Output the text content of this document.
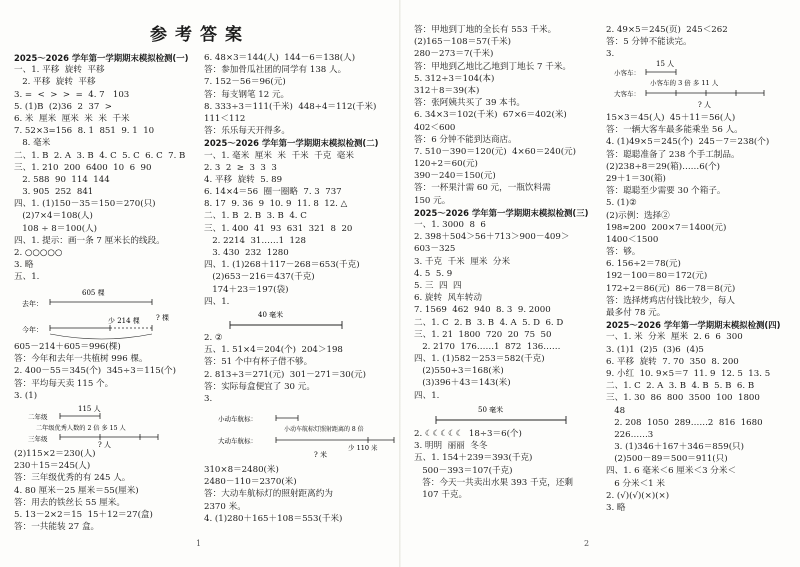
参考答案
2025～2026 学年第一学期期末模拟检测(一)
一、1. 平移  旋转  平移
2. 平移  旋转  平移
3. =  <  >  >  =  4. 7   103
5. (1)B  (2)36  2  37  >
6. 米  厘米  厘米  米  米  千米
7. 52×3=156  8. 1  851  9. 1  10
8. 毫米
二、1. B  2. A  3. B  4. C  5. C  6. C  7. B
三、1. 210  200  6400  10  6  90
2. 588  90  114  144
3. 905  252  841
四、1. (1)150－35＝150＝270(只)
(2)7×4＝108(人)
108 ÷ 8＝100(人)
四、1. 提示：画一条 7 厘米长的线段。
2. ○○○○○
3. 略
五、1.
去年：
今年：
605 棵
少 214 棵 ? 棵
605－214＋605＝996(棵)
答：今年和去年一共植树 996 棵。
2. 400－55＝345(个)  345÷3＝115(个)
答：平均每天卖 115 个。
3. (1)
115 人
二年级
二年级优秀人数的 2 倍 多 15 人
三年级
? 人
(2)115×2＝230(人)
230＋15＝245(人)
答：三年级优秀的有 245 人。
4. 80 厘米－25 厘米＝55(厘米)
答：用去的铁丝长 55 厘米。
5. 13－2×2＝15  15＋12＝27(盒)
答：一共能装 27 盒。
6. 48×3＝144(人)  144－6＝138(人)
答：参加骨瓜社团的同学有 138 人。
7. 152－56＝96(元)
答：每支钢笔 12 元。
8. 333÷3＝111(千米)  448÷4＝112(千米)
111＜112
答：乐乐每天开得多。
2025～2026 学年第一学期期末模拟检测(二)
一、1. 毫米  厘米  米  千米  千克  毫米
2. 3  2  ≥  3  3  3
4. 平移  旋转  5. 89
6. 14×4＝56  圈一圈略  7. 3  737
8. 17  9. 36  9  10. 9  11. 8  12. △
二、1. B  2. B  3. B  4. C
三、1. 400  41  93  631  321  8  20
2. 2214  31……1  128
3. 430  232  1280
四、1. (1)268＋117－268＝653(千克)
(2)653－216＝437(千克)
174＋23＝197(袋)
四、1.
40 毫米
2. ②
五、1. 51×4＝204(个)  204＞198
答：51 个中有杯子借不够。
2. 813÷3＝271(元)  301－271＝30(元)
答：实际每盒便宜了 30 元。
3.
小动车航标：
小动车航标灯照射距离的 8 倍
大动车航标：
少 110 米
? 米
310×8＝2480(米)
2480－110＝2370(米)
答：大动车航标灯的照射距离约为
2370 米。
4. (1)280＋165＋108＝553(千米)
1
答：甲地到丁地的全长有 553 千米。
(2)165－108＝57(千米)
280－273＝7(千米)
答：甲地到乙地比乙地到丁地长 7 千米。
5. 312÷3＝104(本)
312＋8＝39(本)
答：张阿姨共买了 39 本书。
6. 34×3＝102(千米)  67×6＝402(米)
402＜600
答：6 分钟不能到达商店。
7. 510－390＝120(元)  4×60＝240(元)
120÷2＝60(元)
390－240＝150(元)
答：一杯果汁需 60 元，一瓶饮料需
150 元。
2025～2026 学年第一学期期末模拟检测(三)
一、1. 3000  8  6
2. 398＋504＞56＋713＞900－409＞
603－325
3. 千克  千米  厘米  分米
4. 5  5. 9
5. 三  四  四
6. 旋转  风车转动
7. 1569  462  940  8. 3  9. 2000
二、1. C  2. B  3. B  4. A  5. D  6. D
三、1. 21  1800  720  20  75  50
2. 2170  176……1  872  136……
四、1. (1)582－253＝582(千克)
(2)550÷3＝168(米)
(3)396＋43＝143(米)
四、1.
50 毫米
2. ☾☾☾☾☾  18÷3＝6(个)
3. 明明  丽丽  冬冬
五、1. 154＋239＝393(千克)
500－393＝107(千克)
答：今天一共卖出水果 393 千克，还剩
107 千克。
2. 49×5＝245(页)  245＜262
答：5 分钟不能读完。
3.
15 人
小客车：
小客车的 3 倍 多 11 人
大客车：
? 人
15×3＝45(人)  45＋11＝56(人)
答：一辆大客车最多能乘坐 56 人。
4. (1)49×5＝245(个)  245－7＝238(个)
答：聪聪准备了 238 个手工制品。
(2)238÷8＝29(箱)……6(个)
29＋1＝30(箱)
答：聪聪至少需要 30 个箱子。
5. (1)②
(2)示例：选择②
198≈200  200×7＝1400(元)
1400＜1500
答：够。
6. 156÷2＝78(元)
192－100＝80＝172(元)
172÷2＝86(元)  86－78＝8(元)
答：选择烤鸡店付钱比较少，每人
最多付 78 元。
2025～2026 学年第一学期期末模拟检测(四)
一、1. 米  分米  厘米  2. 6  6  300
3. (1)1  (2)5  (3)6  (4)5
6. 平移  旋转  7. 70  350  8. 200
9. 小红  10. 9×5＝7  11. 9  12. 5  13. 5
二、1. C  2. A  3. B  4. B  5. B  6. B
三、1. 30  86  800  3500  100  1800
48
2. 208  1050  289……2  816  1680
226……3
3. (1)346＋167＋346＝859(只)
(2)500－89＝500＝911(只)
四、1. 6 毫米＜6 厘米＜3 分米＜
6 分米＜1 米
2. (√)(√)(×)(×)
3. 略
2
